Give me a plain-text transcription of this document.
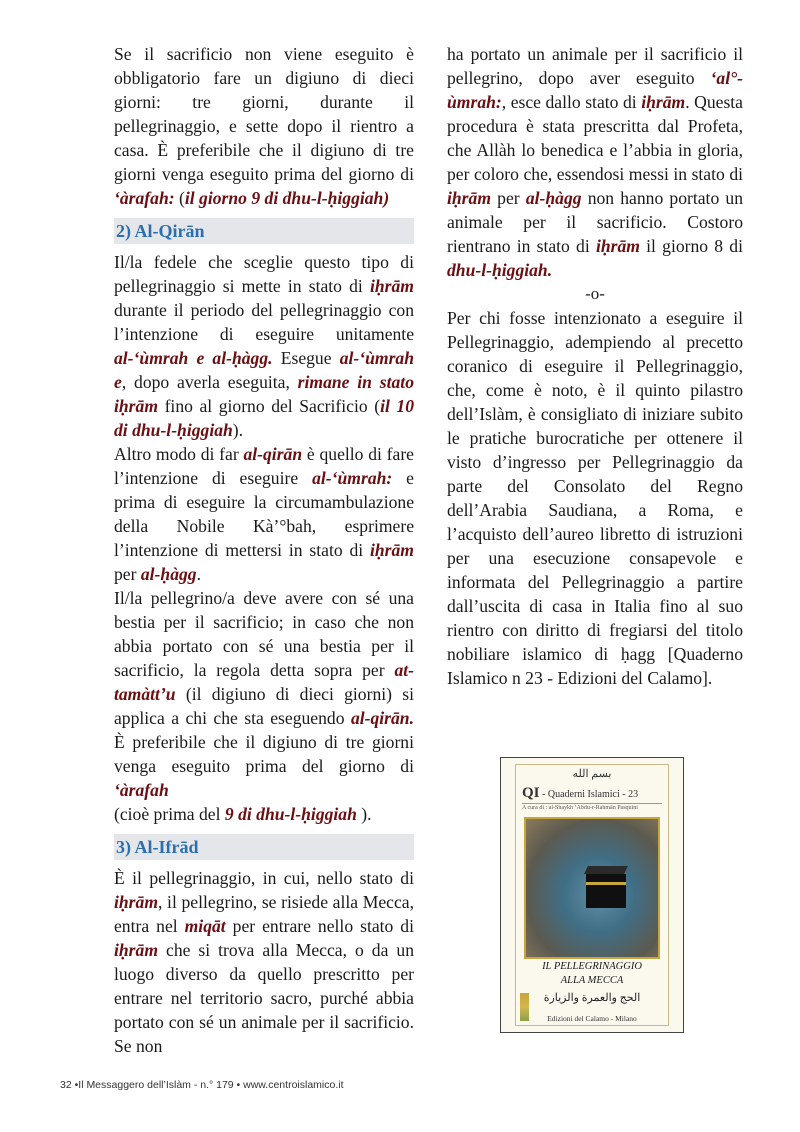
Se il sacrificio non viene eseguito è obbligatorio fare un digiuno di dieci giorni: tre giorni, durante il pellegrinaggio, e sette dopo il rientro a casa. È preferibile che il digiuno di tre giorni venga eseguito prima del giorno di ‘àrafah: (il giorno 9 di dhu-l-ḥiggiah)

2) Al-Qirān

Il/la fedele che sceglie questo tipo di pellegrinaggio si mette in stato di iḥrām durante il periodo del pellegrinaggio con l’intenzione di eseguire unitamente al-‘ùmrah e al-ḥàgg. Esegue al-‘ùmrah e, dopo averla eseguita, rimane in stato iḥrām fino al giorno del Sacrificio (il 10 di dhu-l-ḥiggiah).

Altro modo di far al-qirān è quello di fare l’intenzione di eseguire al-‘ùmrah: e prima di eseguire la circumambulazione della Nobile Kà’°bah, esprimere l’intenzione di mettersi in stato di iḥrām per al-ḥàgg.

Il/la pellegrino/a deve avere con sé una bestia per il sacrificio; in caso che non abbia portato con sé una bestia per il sacrificio, la regola detta sopra per at-tamàtt’u (il digiuno di dieci giorni) si applica a chi che sta eseguendo al-qirān. È preferibile che il digiuno di tre giorni venga eseguito prima del giorno di ‘àrafah
(cioè prima del 9 di dhu-l-ḥiggiah ).

3) Al-Ifrād

È il pellegrinaggio, in cui, nello stato di iḥrām, il pellegrino, se risiede alla Mecca, entra nel miqāt per entrare nello stato di iḥrām che si trova alla Mecca, o da un luogo diverso da quello prescritto per entrare nel territorio sacro, purché abbia portato con sé un animale per il sacrificio. Se non

ha portato un animale per il sacrificio il pellegrino, dopo aver eseguito ‘al°-ùmrah:, esce dallo stato di iḥrām. Questa procedura è stata prescritta dal Profeta, che Allàh lo benedica e l’abbia in gloria, per coloro che, essendosi messi in stato di iḥrām per al-ḥàgg non hanno portato un animale per il sacrificio. Costoro rientrano in stato di iḥrām il giorno 8 di dhu-l-ḥiggiah.

-o-

Per chi fosse intenzionato a eseguire il Pellegrinaggio, adempiendo al precetto coranico di eseguire il Pellegrinaggio, che, come è noto, è il quinto pilastro dell’Islàm, è consigliato di iniziare subito le pratiche burocratiche per ottenere il visto d’ingresso per Pellegrinaggio da parte del Consolato del Regno dell’Arabia Saudiana, a Roma, e l’acquisto dell’aureo libretto di istruzioni per una esecuzione consapevole e informata del Pellegrinaggio a partire dall’uscita di casa in Italia fino al suo rientro con diritto di fregiarsi del titolo nobiliare islamico di ḥagg [Quaderno Islamico n 23 - Edizioni del Calamo].

بسم الله
QI - Quaderni Islamici - 23
A cura di : al-Shaykh ‘Abdu-r-Rahmān Pasquini
IL PELLEGRINAGGIO
ALLA MECCA
الحج والعمرة والزيارة
Edizioni del Calamo - Milano
32 •Il Messaggero dell’Islàm - n.° 179 • www.centroislamico.it
